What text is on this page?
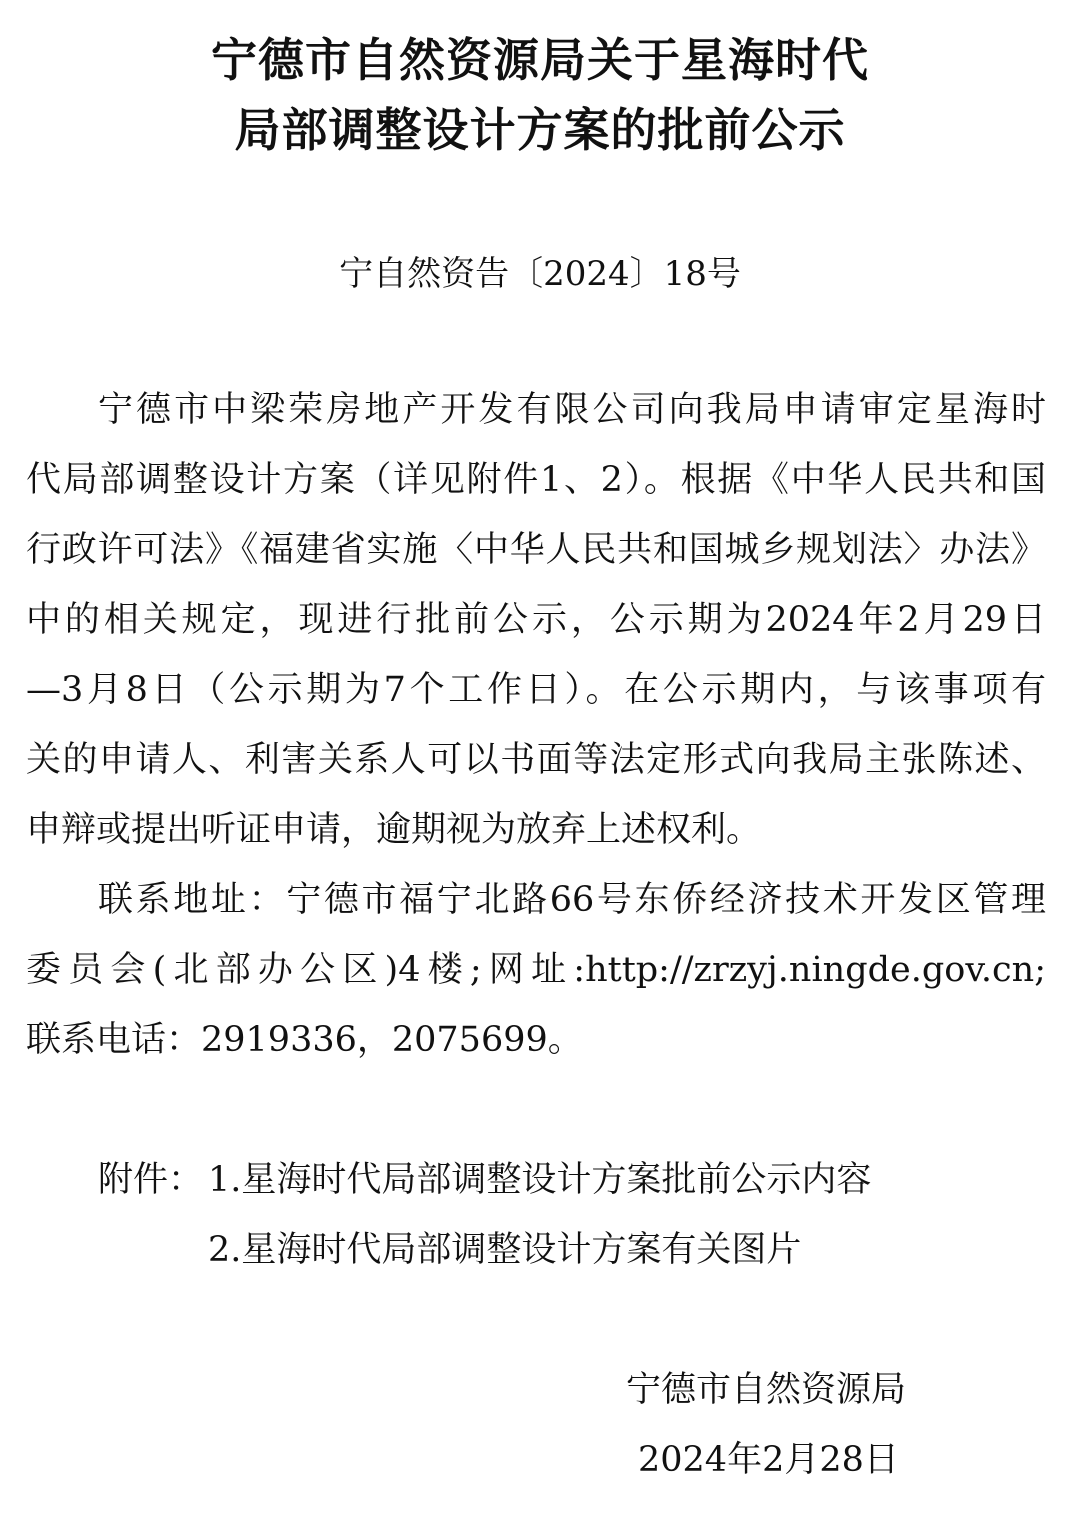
宁德市自然资源局关于星海时代
局部调整设计方案的批前公示
宁自然资告〔2024〕18号
宁德市中梁荣房地产开发有限公司向我局申请审定星海时
代局部调整设计方案（详见附件1、2）。根据《中华人民共和国
行政许可法》《福建省实施〈中华人民共和国城乡规划法〉办法》
中的相关规定，现进行批前公示，公示期为2024年2月29日
—3月8日（公示期为7个工作日）。在公示期内，与该事项有
关的申请人、利害关系人可以书面等法定形式向我局主张陈述、
申辩或提出听证申请，逾期视为放弃上述权利。
联系地址：宁德市福宁北路66号东侨经济技术开发区管理
委员会(北部办公区)4楼;网址:http://zrzyj.ningde.gov.cn;
联系电话：2919336，2075699。
附件： 1.星海时代局部调整设计方案批前公示内容
2.星海时代局部调整设计方案有关图片
宁德市自然资源局
2024年2月28日
